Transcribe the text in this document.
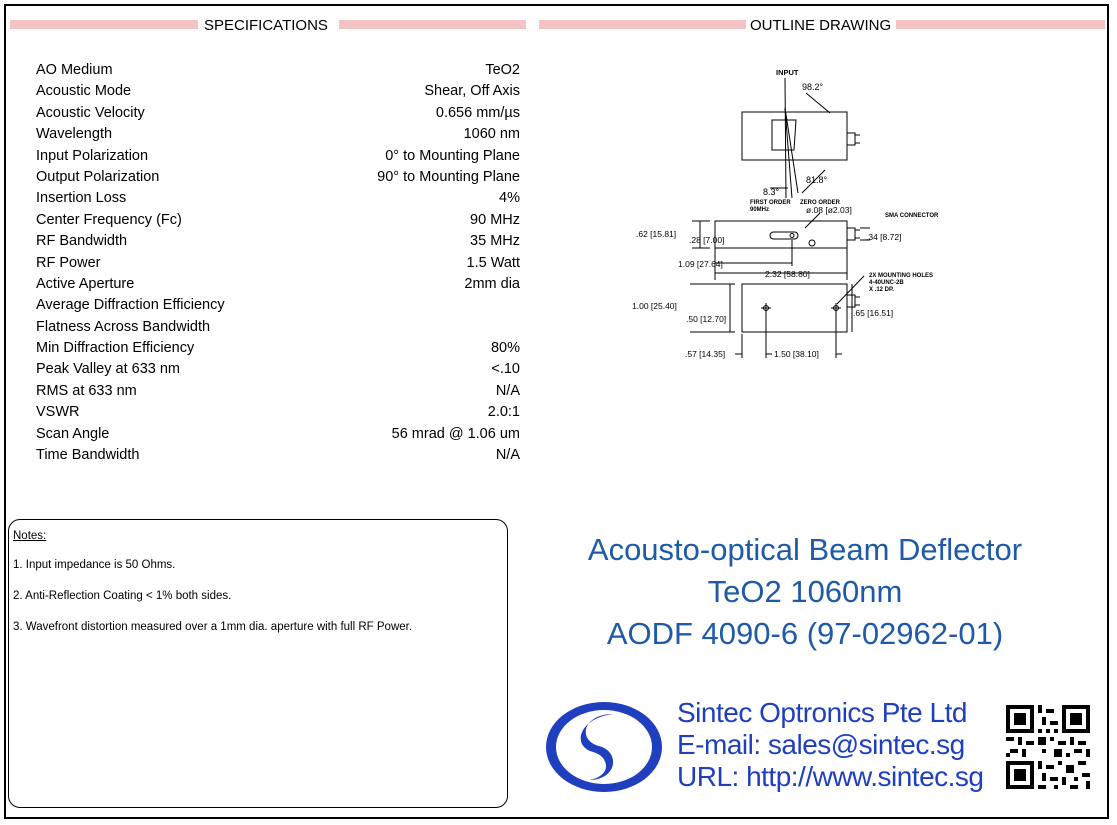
SPECIFICATIONS	OUTLINE DRAWING
AO Medium	TeO2
Acoustic Mode	Shear, Off Axis
Acoustic Velocity	0.656 mm/µs
Wavelength	1060 nm
Input Polarization	0° to Mounting Plane
Output Polarization	90° to Mounting Plane
Insertion Loss	4%
Center Frequency (Fc)	90 MHz
RF Bandwidth	35 MHz
RF Power	1.5 Watt
Active Aperture	2mm dia
Average Diffraction Efficiency
Flatness Across Bandwidth
Min Diffraction Efficiency	80%
Peak Valley at 633 nm	<.10
RMS at 633 nm	N/A
VSWR	2.0:1
Scan Angle	56 mrad @ 1.06 um
Time Bandwidth	N/A
Notes:
1. Input impedance is 50 Ohms.
2. Anti-Reflection Coating < 1% both sides.
3. Wavefront distortion measured over a 1mm dia. aperture with full RF Power.
INPUT
98.2°
81.8°
8.3°
FIRST ORDER
90MHz
ZERO ORDER
ø.08 [ø2.03]
SMA CONNECTOR
.62 [15.81]
.28 [7.00]	.34 [8.72]
1.09 [27.64]
2.32 [58.80]	2X MOUNTING HOLES
4-40UNC-2B
X .12 DP.
1.00 [25.40]
.50 [12.70]
.65 [16.51]
.57 [14.35]	1.50 [38.10]
Acousto-optical Beam Deflector
TeO2 1060nm
AODF 4090-6 (97-02962-01)
Sintec Optronics Pte Ltd
E-mail: sales@sintec.sg
URL: http://www.sintec.sg
